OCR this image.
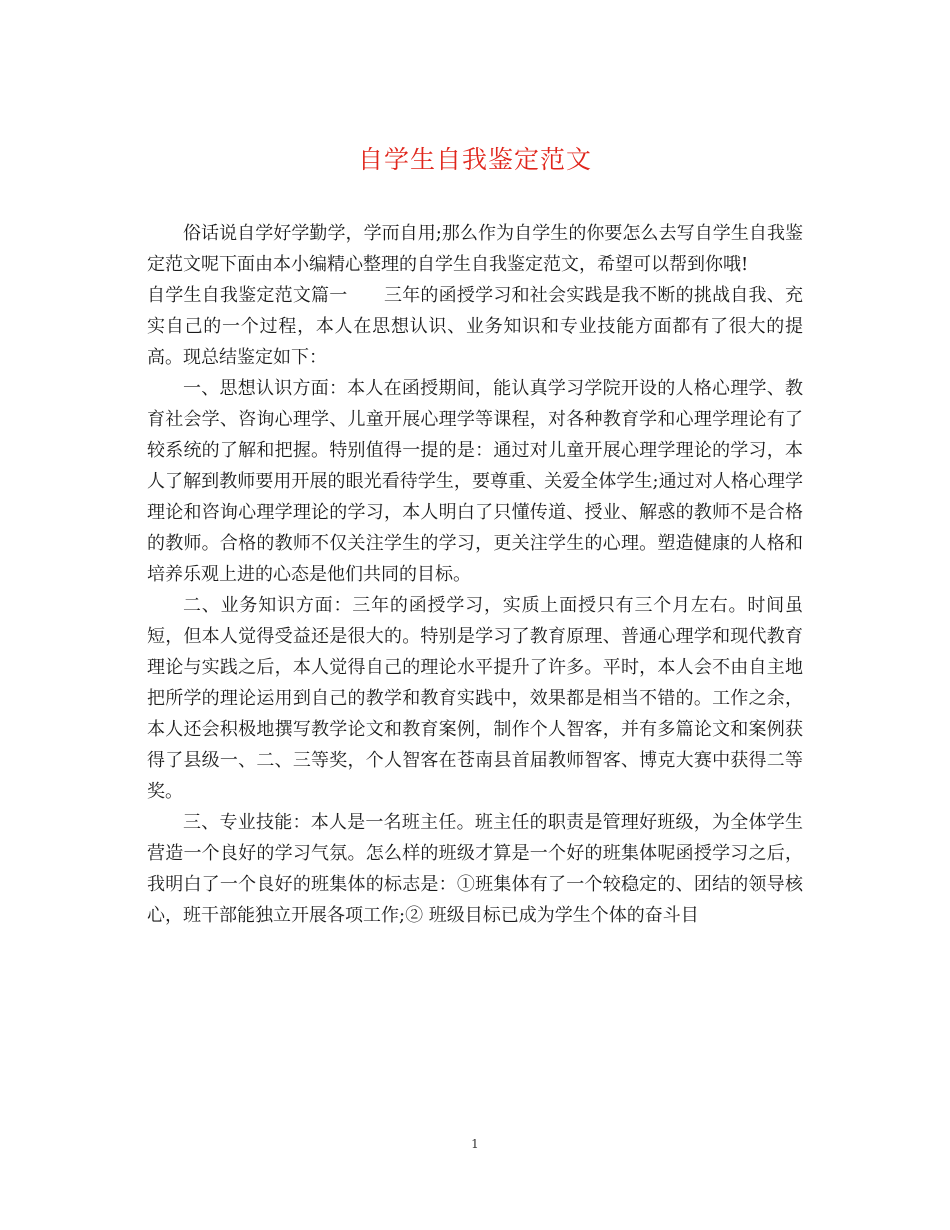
自学生自我鉴定范文

俗话说自学好学勤学，学而自用;那么作为自学生的你要怎么去写自学生自我鉴定范文呢下面由本小编精心整理的自学生自我鉴定范文，希望可以帮到你哦!

自学生自我鉴定范文篇一　　三年的函授学习和社会实践是我不断的挑战自我、充实自己的一个过程，本人在思想认识、业务知识和专业技能方面都有了很大的提高。现总结鉴定如下：

一、思想认识方面：本人在函授期间，能认真学习学院开设的人格心理学、教育社会学、咨询心理学、儿童开展心理学等课程，对各种教育学和心理学理论有了较系统的了解和把握。特别值得一提的是：通过对儿童开展心理学理论的学习，本人了解到教师要用开展的眼光看待学生，要尊重、关爱全体学生;通过对人格心理学理论和咨询心理学理论的学习，本人明白了只懂传道、授业、解惑的教师不是合格的教师。合格的教师不仅关注学生的学习，更关注学生的心理。塑造健康的人格和培养乐观上进的心态是他们共同的目标。

二、业务知识方面：三年的函授学习，实质上面授只有三个月左右。时间虽短，但本人觉得受益还是很大的。特别是学习了教育原理、普通心理学和现代教育理论与实践之后，本人觉得自己的理论水平提升了许多。平时，本人会不由自主地把所学的理论运用到自己的教学和教育实践中，效果都是相当不错的。工作之余，本人还会积极地撰写教学论文和教育案例，制作个人智客，并有多篇论文和案例获得了县级一、二、三等奖，个人智客在苍南县首届教师智客、博克大赛中获得二等奖。

三、专业技能：本人是一名班主任。班主任的职责是管理好班级，为全体学生营造一个良好的学习气氛。怎么样的班级才算是一个好的班集体呢函授学习之后，我明白了一个良好的班集体的标志是：①班集体有了一个较稳定的、团结的领导核心，班干部能独立开展各项工作;② 班级目标已成为学生个体的奋斗目

1
